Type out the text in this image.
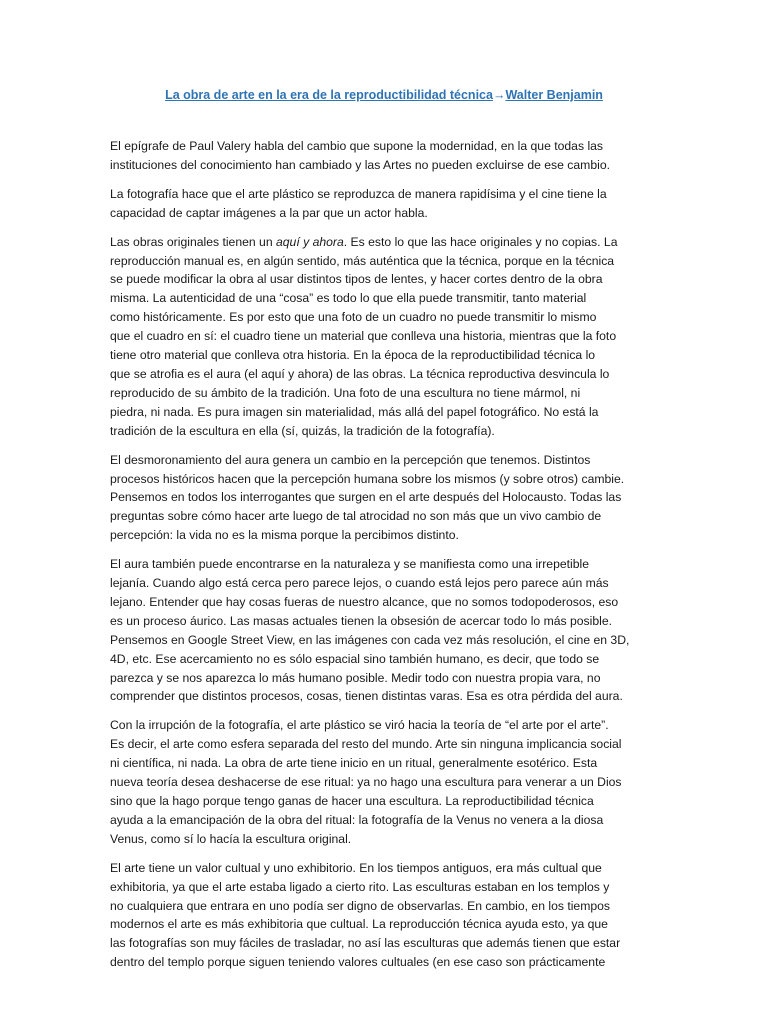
La obra de arte en la era de la reproductibilidad técnica→Walter Benjamin

El epígrafe de Paul Valery habla del cambio que supone la modernidad, en la que todas las
instituciones del conocimiento han cambiado y las Artes no pueden excluirse de ese cambio.

La fotografía hace que el arte plástico se reproduzca de manera rapidísima y el cine tiene la
capacidad de captar imágenes a la par que un actor habla.

Las obras originales tienen un aquí y ahora. Es esto lo que las hace originales y no copias. La
reproducción manual es, en algún sentido, más auténtica que la técnica, porque en la técnica
se puede modificar la obra al usar distintos tipos de lentes, y hacer cortes dentro de la obra
misma. La autenticidad de una “cosa” es todo lo que ella puede transmitir, tanto material
como históricamente. Es por esto que una foto de un cuadro no puede transmitir lo mismo
que el cuadro en sí: el cuadro tiene un material que conlleva una historia, mientras que la foto
tiene otro material que conlleva otra historia. En la época de la reproductibilidad técnica lo
que se atrofia es el aura (el aquí y ahora) de las obras. La técnica reproductiva desvincula lo
reproducido de su ámbito de la tradición. Una foto de una escultura no tiene mármol, ni
piedra, ni nada. Es pura imagen sin materialidad, más allá del papel fotográfico. No está la
tradición de la escultura en ella (sí, quizás, la tradición de la fotografía).

El desmoronamiento del aura genera un cambio en la percepción que tenemos. Distintos
procesos históricos hacen que la percepción humana sobre los mismos (y sobre otros) cambie.
Pensemos en todos los interrogantes que surgen en el arte después del Holocausto. Todas las
preguntas sobre cómo hacer arte luego de tal atrocidad no son más que un vivo cambio de
percepción: la vida no es la misma porque la percibimos distinto.

El aura también puede encontrarse en la naturaleza y se manifiesta como una irrepetible
lejanía. Cuando algo está cerca pero parece lejos, o cuando está lejos pero parece aún más
lejano. Entender que hay cosas fueras de nuestro alcance, que no somos todopoderosos, eso
es un proceso áurico. Las masas actuales tienen la obsesión de acercar todo lo más posible.
Pensemos en Google Street View, en las imágenes con cada vez más resolución, el cine en 3D,
4D, etc. Ese acercamiento no es sólo espacial sino también humano, es decir, que todo se
parezca y se nos aparezca lo más humano posible. Medir todo con nuestra propia vara, no
comprender que distintos procesos, cosas, tienen distintas varas. Esa es otra pérdida del aura.

Con la irrupción de la fotografía, el arte plástico se viró hacia la teoría de “el arte por el arte”.
Es decir, el arte como esfera separada del resto del mundo. Arte sin ninguna implicancia social
ni científica, ni nada. La obra de arte tiene inicio en un ritual, generalmente esotérico. Esta
nueva teoría desea deshacerse de ese ritual: ya no hago una escultura para venerar a un Dios
sino que la hago porque tengo ganas de hacer una escultura. La reproductibilidad técnica
ayuda a la emancipación de la obra del ritual: la fotografía de la Venus no venera a la diosa
Venus, como sí lo hacía la escultura original.

El arte tiene un valor cultual y uno exhibitorio. En los tiempos antiguos, era más cultual que
exhibitoria, ya que el arte estaba ligado a cierto rito. Las esculturas estaban en los templos y
no cualquiera que entrara en uno podía ser digno de observarlas. En cambio, en los tiempos
modernos el arte es más exhibitoria que cultual. La reproducción técnica ayuda esto, ya que
las fotografías son muy fáciles de trasladar, no así las esculturas que además tienen que estar
dentro del templo porque siguen teniendo valores cultuales (en ese caso son prácticamente
